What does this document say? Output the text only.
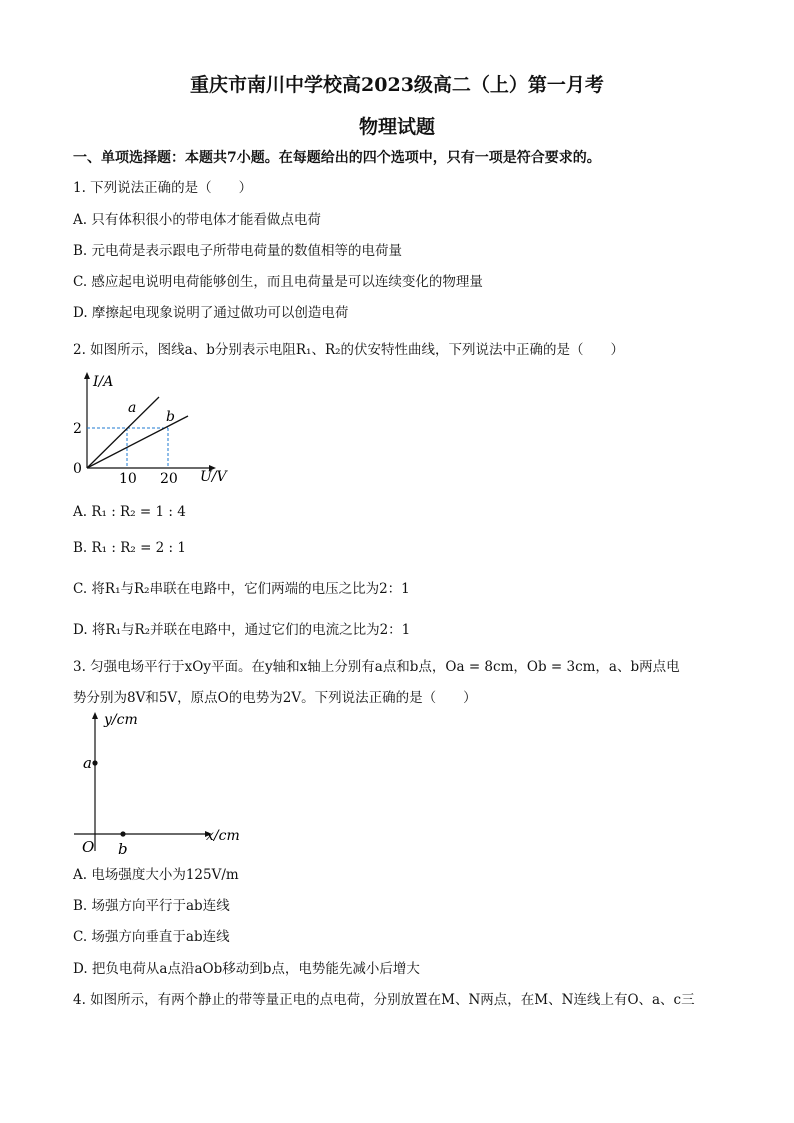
重庆市南川中学校高2023级高二（上）第一月考
物理试题
一、单项选择题：本题共7小题。在每题给出的四个选项中，只有一项是符合要求的。
1. 下列说法正确的是（　　）
A. 只有体积很小的带电体才能看做点电荷
B. 元电荷是表示跟电子所带电荷量的数值相等的电荷量
C. 感应起电说明电荷能够创生，而且电荷量是可以连续变化的物理量
D. 摩擦起电现象说明了通过做功可以创造电荷
2. 如图所示，图线a、b分别表示电阻R₁、R₂的伏安特性曲线，下列说法中正确的是（　　）
I/A
U/V
0
2
10 20
a
b
A. R₁ : R₂ = 1 : 4
B. R₁ : R₂ = 2 : 1
C. 将R₁与R₂串联在电路中，它们两端的电压之比为2：1
D. 将R₁与R₂并联在电路中，通过它们的电流之比为2：1
3. 匀强电场平行于xOy平面。在y轴和x轴上分别有a点和b点，Oa = 8cm，Ob = 3cm，a、b两点电
势分别为8V和5V，原点O的电势为2V。下列说法正确的是（　　）
y/cm
x/cm
O
a
b
A. 电场强度大小为125V/m
B. 场强方向平行于ab连线
C. 场强方向垂直于ab连线
D. 把负电荷从a点沿aOb移动到b点，电势能先减小后增大
4. 如图所示，有两个静止的带等量正电的点电荷，分别放置在M、N两点，在M、N连线上有O、a、c三
